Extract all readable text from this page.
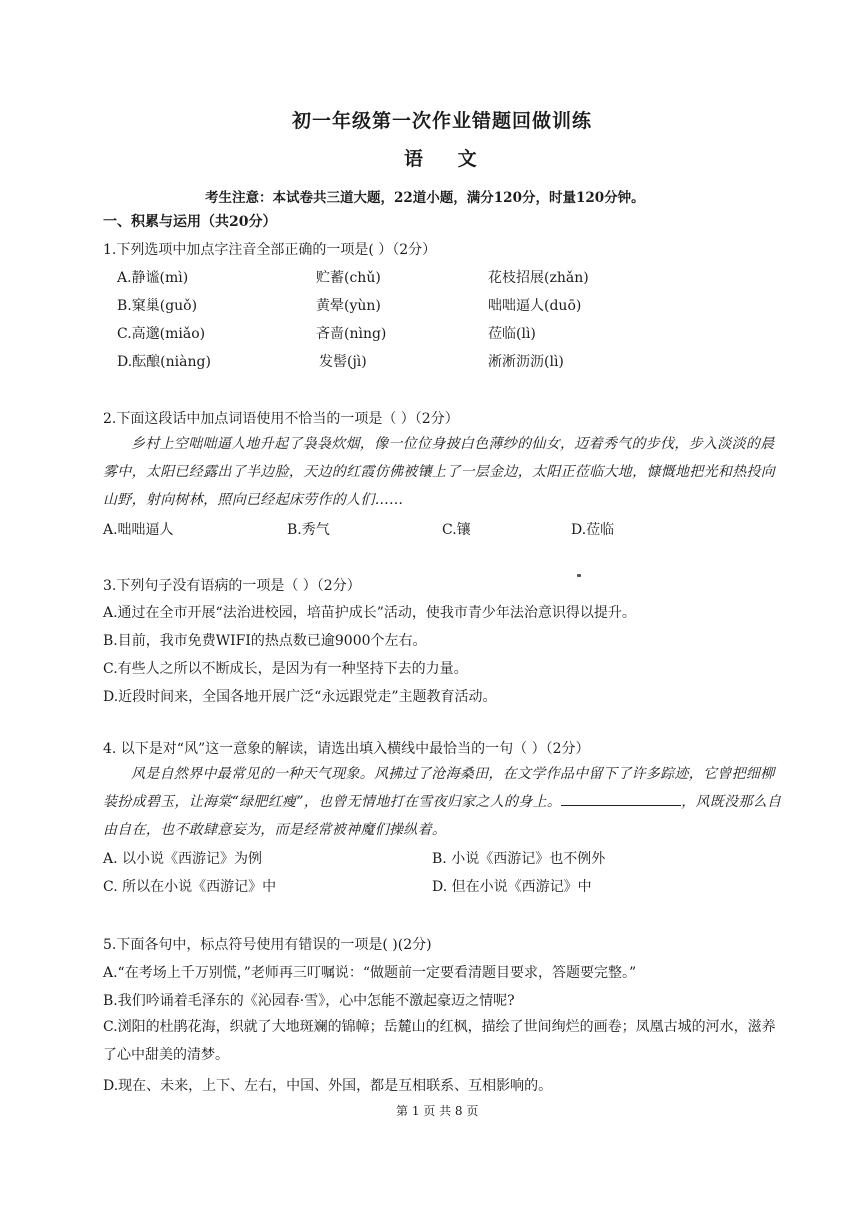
初一年级第一次作业错题回做训练
语 文
考生注意：本试卷共三道大题，22道小题，满分120分，时量120分钟。
一、积累与运用（共20分）
1.下列选项中加点字注音全部正确的一项是( ）（2分）
A.静谧(mì)	贮蓄(chǔ)	花枝招展(zhǎn)
B.窠巢(guǒ)	黄晕(yùn)	咄咄逼人(duō)
C.高邈(miǎo)	吝啬(nìng)	莅临(lì)
D.酝酿(niàng)	发髻(jì)	淅淅沥沥(lì)
2.下面这段话中加点词语使用不恰当的一项是（ ）（2分）
乡村上空咄咄逼人地升起了袅袅炊烟，像一位位身披白色薄纱的仙女，迈着秀气的步伐，步入淡淡的晨雾中，太阳已经露出了半边脸，天边的红霞仿佛被镶上了一层金边，太阳正莅临大地，慷慨地把光和热投向山野，射向树林，照向已经起床劳作的人们……
A.咄咄逼人	B.秀气	C.镶	D.莅临
3.下列句子没有语病的一项是（ ）（2分）
A.通过在全市开展“法治进校园，培苗护成长”活动，使我市青少年法治意识得以提升。
B.目前，我市免费WIFI的热点数已逾9000个左右。
C.有些人之所以不断成长，是因为有一种坚持下去的力量。
D.近段时间来，全国各地开展广泛“永远跟党走”主题教育活动。
4. 以下是对“风”这一意象的解读，请选出填入横线中最恰当的一句（ ）（2分）
风是自然界中最常见的一种天气现象。风拂过了沧海桑田，在文学作品中留下了许多踪迹，它曾把细柳装扮成碧玉，让海棠“绿肥红瘦”，也曾无情地打在雪夜归家之人的身上。	，风既没那么自由自在，也不敢肆意妄为，而是经常被神魔们操纵着。
A. 以小说《西游记》为例	B. 小说《西游记》也不例外
C. 所以在小说《西游记》中	D. 但在小说《西游记》中
5.下面各句中，标点符号使用有错误的一项是( )(2分)
A.“在考场上千万别慌，”老师再三叮嘱说：“做题前一定要看清题目要求，答题要完整。”
B.我们吟诵着毛泽东的《沁园春·雪》，心中怎能不激起豪迈之情呢?
C.浏阳的杜鹃花海，织就了大地斑斓的锦幛；岳麓山的红枫，描绘了世间绚烂的画卷；凤凰古城的河水，滋养了心中甜美的清梦。
D.现在、未来，上下、左右，中国、外国，都是互相联系、互相影响的。
第 1 页 共 8 页
